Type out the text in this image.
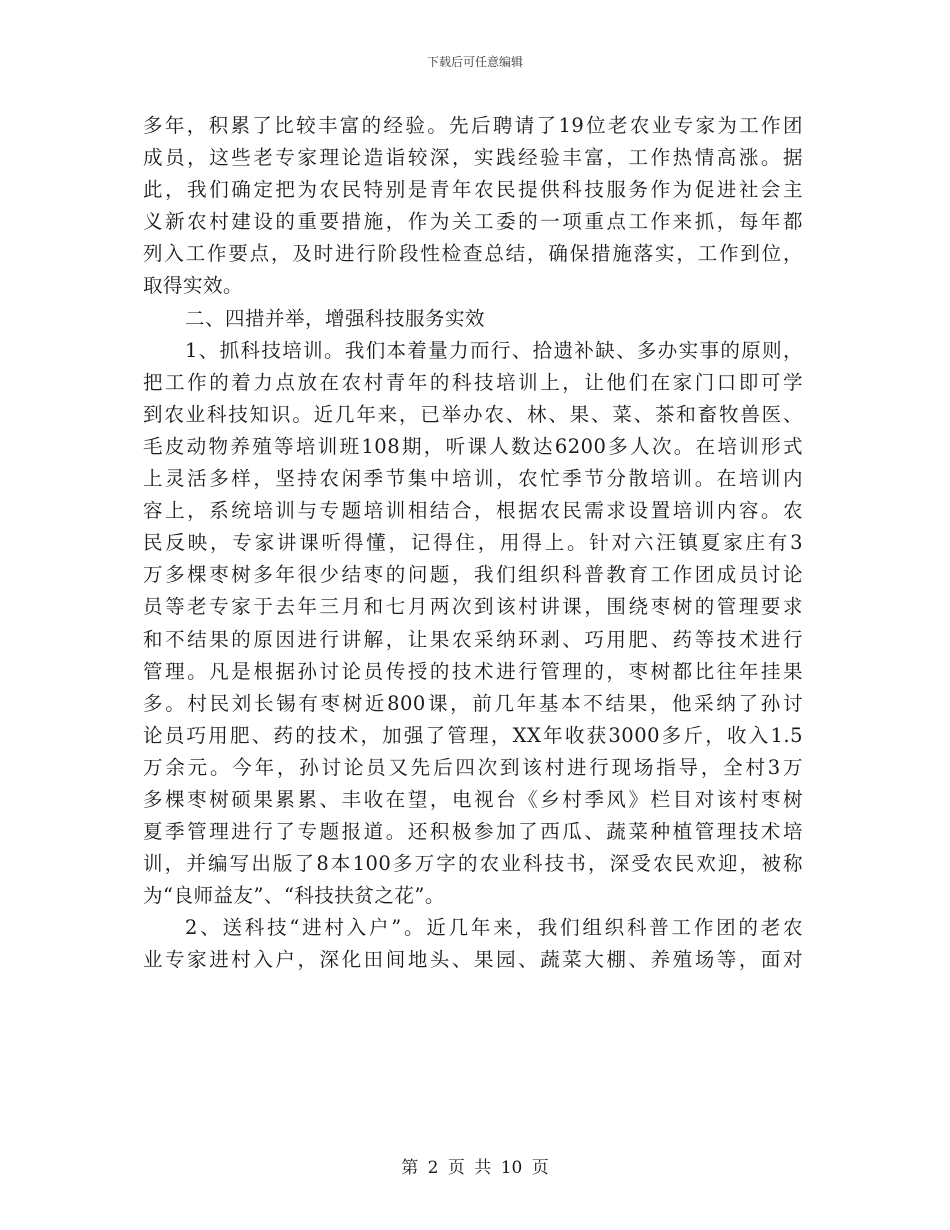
下载后可任意编辑
多年，积累了比较丰富的经验。先后聘请了19位老农业专家为工作团
成员，这些老专家理论造诣较深，实践经验丰富，工作热情高涨。据
此，我们确定把为农民特别是青年农民提供科技服务作为促进社会主
义新农村建设的重要措施，作为关工委的一项重点工作来抓，每年都
列入工作要点，及时进行阶段性检查总结，确保措施落实，工作到位，
取得实效。
二、四措并举，增强科技服务实效
1、抓科技培训。我们本着量力而行、拾遗补缺、多办实事的原则，
把工作的着力点放在农村青年的科技培训上，让他们在家门口即可学
到农业科技知识。近几年来，已举办农、林、果、菜、茶和畜牧兽医、
毛皮动物养殖等培训班108期，听课人数达6200多人次。在培训形式
上灵活多样，坚持农闲季节集中培训，农忙季节分散培训。在培训内
容上，系统培训与专题培训相结合，根据农民需求设置培训内容。农
民反映，专家讲课听得懂，记得住，用得上。针对六汪镇夏家庄有3
万多棵枣树多年很少结枣的问题，我们组织科普教育工作团成员讨论
员等老专家于去年三月和七月两次到该村讲课，围绕枣树的管理要求
和不结果的原因进行讲解，让果农采纳环剥、巧用肥、药等技术进行
管理。凡是根据孙讨论员传授的技术进行管理的，枣树都比往年挂果
多。村民刘长锡有枣树近800课，前几年基本不结果，他采纳了孙讨
论员巧用肥、药的技术，加强了管理，XX年收获3000多斤，收入1.5
万余元。今年，孙讨论员又先后四次到该村进行现场指导，全村3万
多棵枣树硕果累累、丰收在望，电视台《乡村季风》栏目对该村枣树
夏季管理进行了专题报道。还积极参加了西瓜、蔬菜种植管理技术培
训，并编写出版了8本100多万字的农业科技书，深受农民欢迎，被称
为“良师益友”、“科技扶贫之花”。
2、送科技“进村入户”。近几年来，我们组织科普工作团的老农
业专家进村入户，深化田间地头、果园、蔬菜大棚、养殖场等，面对
第 2 页 共 10 页
